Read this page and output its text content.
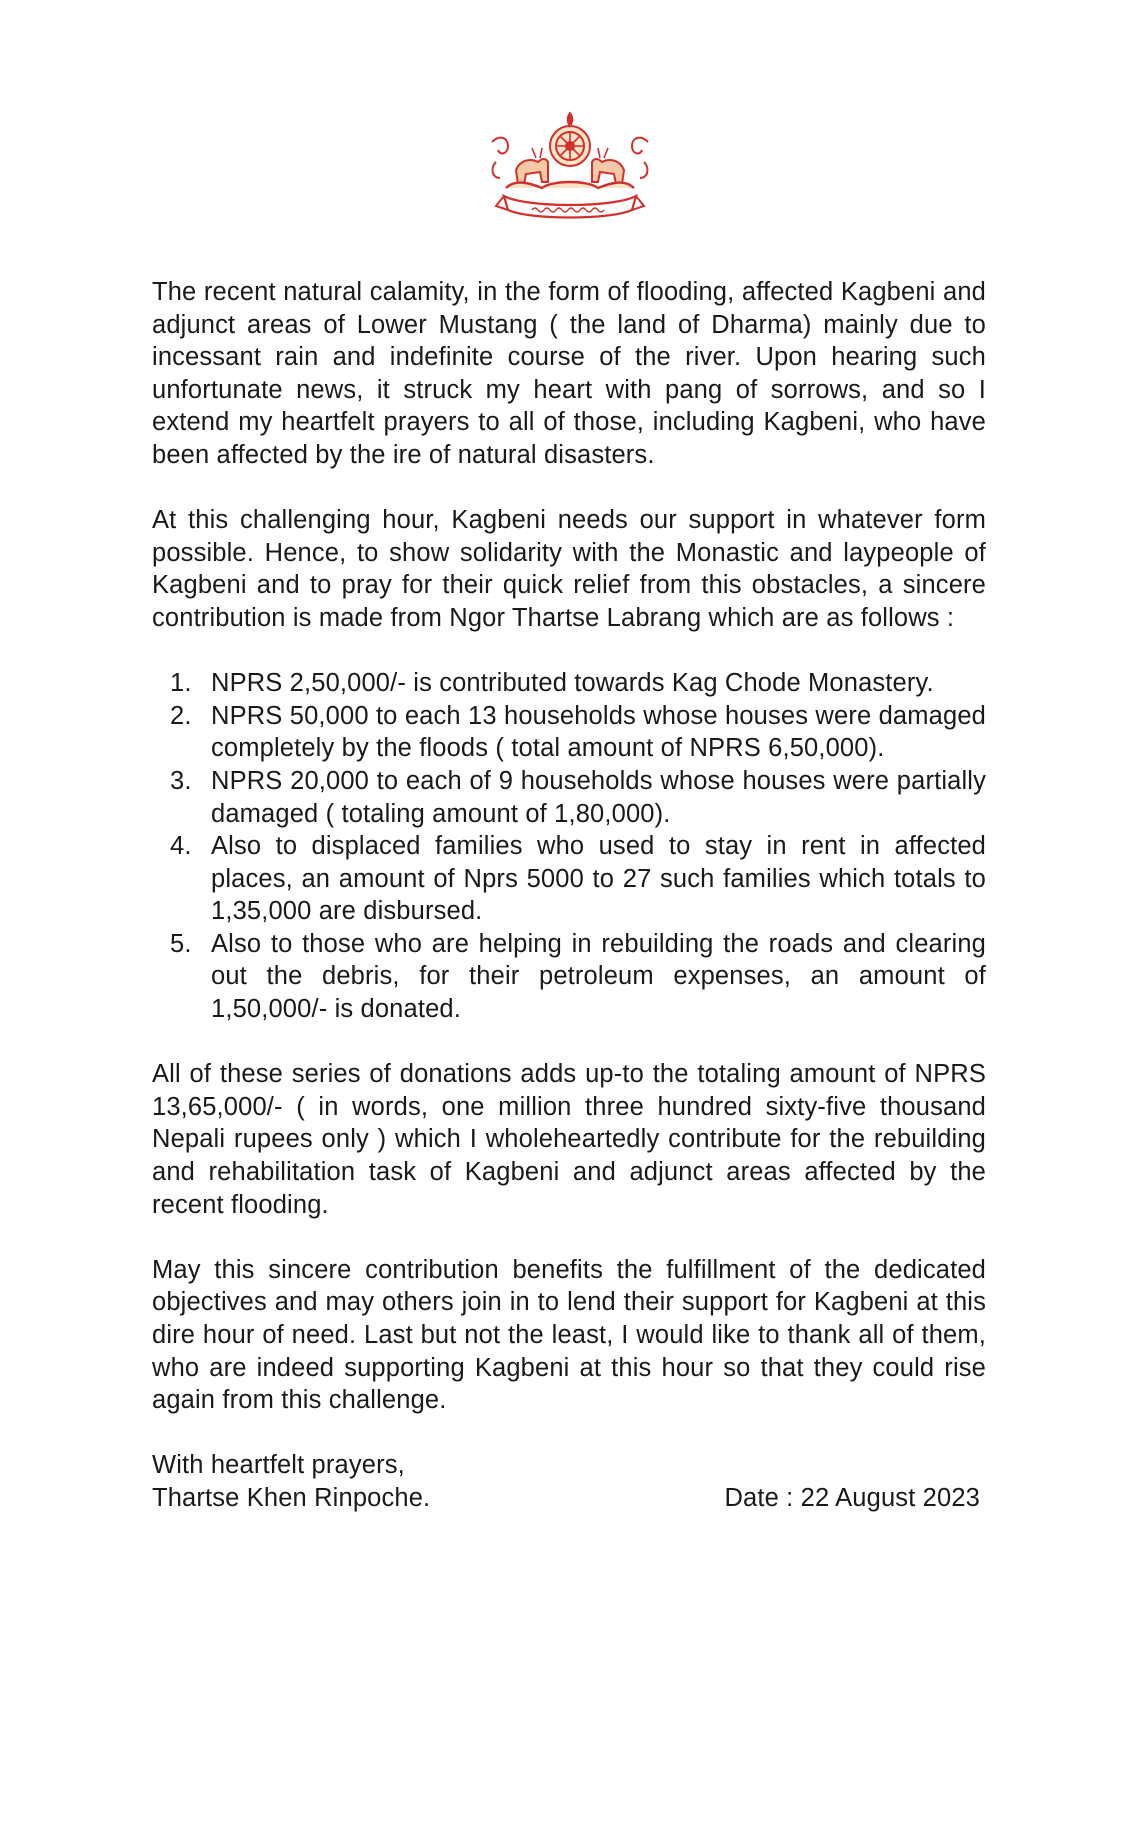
The recent natural calamity, in the form of flooding, affected Kagbeni and adjunct areas of Lower Mustang ( the land of Dharma) mainly due to incessant rain and indefinite course of the river. Upon hearing such unfortunate news, it struck my heart with pang of sorrows, and so I extend my heartfelt prayers to all of those, including Kagbeni, who have been affected by the ire of natural disasters.

At this challenging hour, Kagbeni needs our support in whatever form possible. Hence, to show solidarity with the Monastic and laypeople of Kagbeni and to pray for their quick relief from this obstacles, a sincere contribution is made from Ngor Thartse Labrang which are as follows :

1. NPRS 2,50,000/- is contributed towards Kag Chode Monastery.
2. NPRS 50,000 to each 13 households whose houses were damaged completely by the floods ( total amount of NPRS 6,50,000).
3. NPRS 20,000 to each of 9 households whose houses were partially damaged ( totaling amount of 1,80,000).
4. Also to displaced families who used to stay in rent in affected places, an amount of Nprs 5000 to 27 such families which totals to 1,35,000 are disbursed.
5. Also to those who are helping in rebuilding the roads and clearing out the debris, for their petroleum expenses, an amount of 1,50,000/- is donated.

All of these series of donations adds up-to the totaling amount of NPRS 13,65,000/- ( in words, one million three hundred sixty-five thousand Nepali rupees only ) which I wholeheartedly contribute for the rebuilding and rehabilitation task of Kagbeni and adjunct areas affected by the recent flooding.

May this sincere contribution benefits the fulfillment of the dedicated objectives and may others join in to lend their support for Kagbeni at this dire hour of need. Last but not the least, I would like to thank all of them, who are indeed supporting Kagbeni at this hour so that they could rise again from this challenge.

With heartfelt prayers,
Thartse Khen Rinpoche.	Date : 22 August 2023
